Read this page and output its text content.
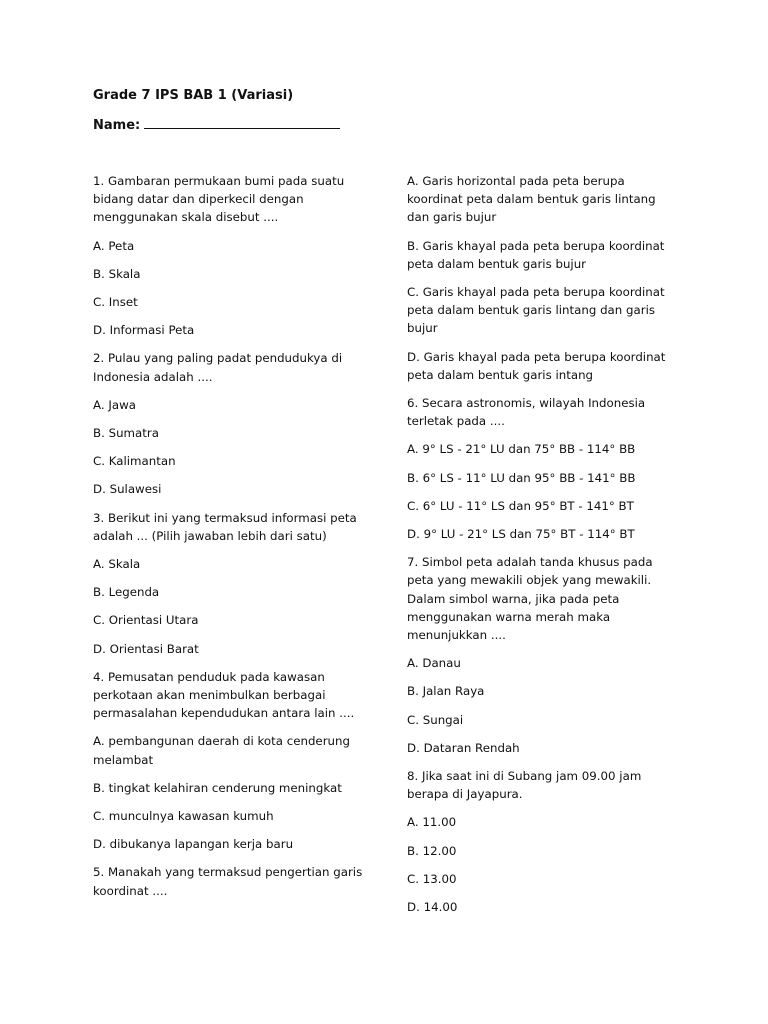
Grade 7 IPS BAB 1 (Variasi)
Name:

1. Gambaran permukaan bumi pada suatu bidang datar dan diperkecil dengan menggunakan skala disebut ....

A. Peta

B. Skala

C. Inset

D. Informasi Peta

2. Pulau yang paling padat pendudukya di Indonesia adalah ....

A. Jawa

B. Sumatra

C. Kalimantan

D. Sulawesi

3. Berikut ini yang termaksud informasi peta adalah ... (Pilih jawaban lebih dari satu)

A. Skala

B. Legenda

C. Orientasi Utara

D. Orientasi Barat

4. Pemusatan penduduk pada kawasan perkotaan akan menimbulkan berbagai permasalahan kependudukan antara lain ....

A. pembangunan daerah di kota cenderung melambat

B. tingkat kelahiran cenderung meningkat

C. munculnya kawasan kumuh

D. dibukanya lapangan kerja baru

5. Manakah yang termaksud pengertian garis koordinat ....

A. Garis horizontal pada peta berupa koordinat peta dalam bentuk garis lintang dan garis bujur

B. Garis khayal pada peta berupa koordinat peta dalam bentuk garis bujur

C. Garis khayal pada peta berupa koordinat peta dalam bentuk garis lintang dan garis bujur

D. Garis khayal pada peta berupa koordinat peta dalam bentuk garis intang

6. Secara astronomis, wilayah Indonesia terletak pada ....

A. 9° LS - 21° LU dan 75° BB - 114° BB

B. 6° LS - 11° LU dan 95° BB - 141° BB

C. 6° LU - 11° LS dan 95° BT - 141° BT

D. 9° LU - 21° LS dan 75° BT - 114° BT

7. Simbol peta adalah tanda khusus pada peta yang mewakili objek yang mewakili. Dalam simbol warna, jika pada peta menggunakan warna merah maka menunjukkan ....

A. Danau

B. Jalan Raya

C. Sungai

D. Dataran Rendah

8. Jika saat ini di Subang jam 09.00 jam berapa di Jayapura.

A. 11.00

B. 12.00

C. 13.00

D. 14.00
